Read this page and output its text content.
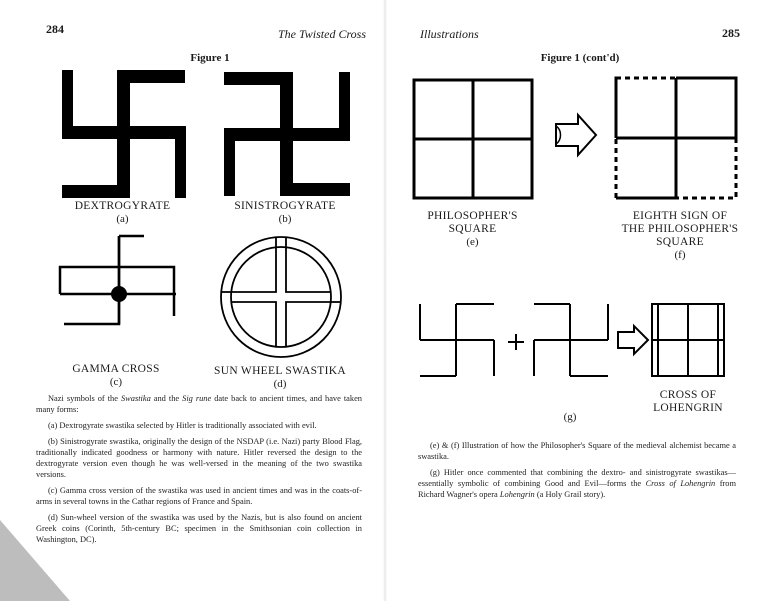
284	The Twisted Cross
Figure 1
DEXTROGYRATE
(a)
SINISTROGYRATE
(b)
GAMMA CROSS
(c)
SUN WHEEL SWASTIKA
(d)

Nazi symbols of the Swastika and the Sig rune date back to ancient times, and have taken many forms:

(a) Dextrogyrate swastika selected by Hitler is traditionally associated with evil.

(b) Sinistrogyrate swastika, originally the design of the NSDAP (i.e. Nazi) party Blood Flag, traditionally indicated goodness or harmony with nature. Hitler reversed the design to the dextrogyrate version even though he was well-versed in the meaning of the two swastika versions.

(c) Gamma cross version of the swastika was used in ancient times and was in the coats-of-arms in several towns in the Cathar regions of France and Spain.

(d) Sun-wheel version of the swastika was used by the Nazis, but is also found on ancient Greek coins (Corinth, 5th-century BC; specimen in the Smithsonian coin collection in Washington, DC).

Illustrations	285
Figure 1 (cont'd)
PHILOSOPHER'S
SQUARE
(e)
EIGHTH SIGN OF
THE PHILOSOPHER'S
SQUARE
(f)
CROSS OF
LOHENGRIN
(g)

(e) & (f) Illustration of how the Philosopher's Square of the medieval alchemist became a swastika.

(g) Hitler once commented that combining the dextro- and sinistrogyrate swastikas—essentially symbolic of combining Good and Evil—forms the Cross of Lohengrin from Richard Wagner's opera Lohengrin (a Holy Grail story).
